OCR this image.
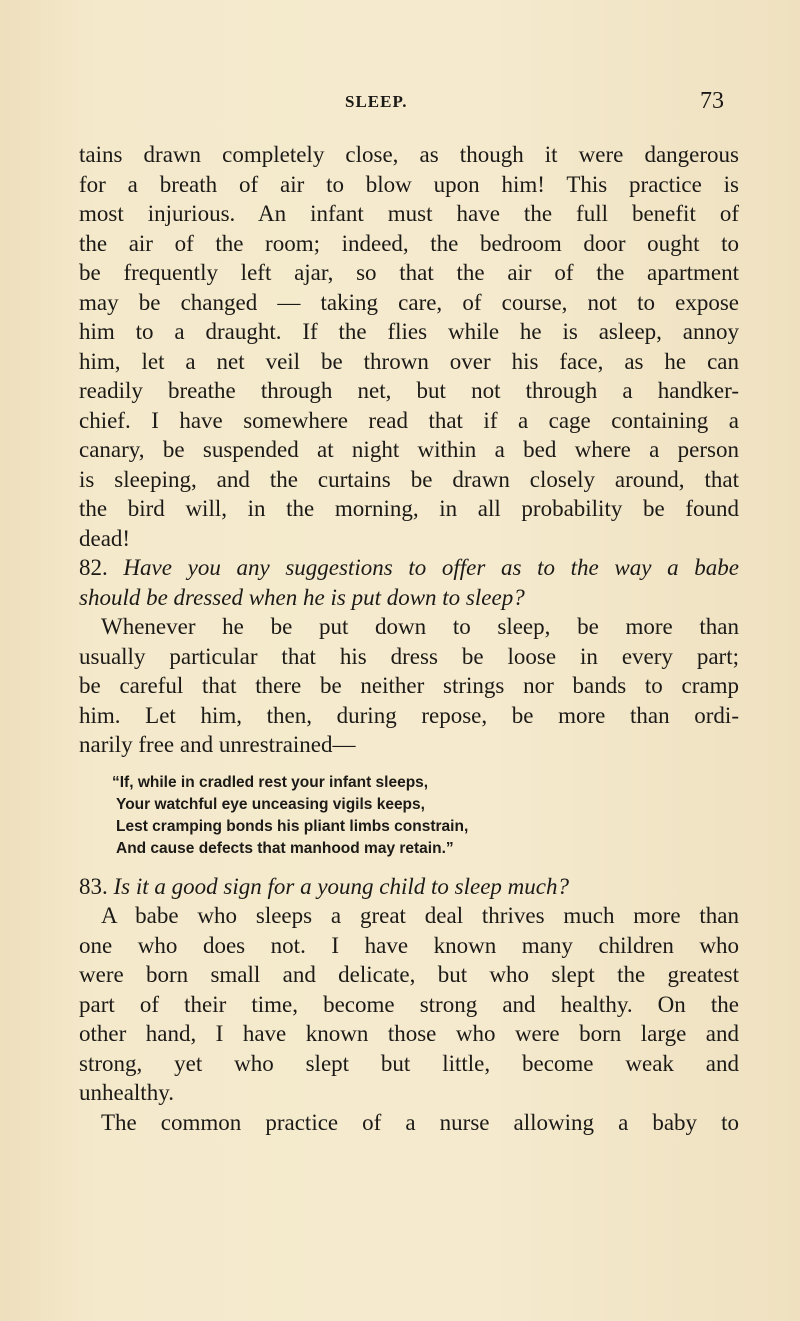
SLEEP.	73
tains drawn completely close, as though it were dangerous
for a breath of air to blow upon him! This practice is
most injurious. An infant must have the full benefit of
the air of the room; indeed, the bedroom door ought to
be frequently left ajar, so that the air of the apartment
may be changed — taking care, of course, not to expose
him to a draught. If the flies while he is asleep, annoy
him, let a net veil be thrown over his face, as he can
readily breathe through net, but not through a handker-
chief. I have somewhere read that if a cage containing a
canary, be suspended at night within a bed where a person
is sleeping, and the curtains be drawn closely around, that
the bird will, in the morning, in all probability be found
dead!
82. Have you any suggestions to offer as to the way a babe
should be dressed when he is put down to sleep?
Whenever he be put down to sleep, be more than
usually particular that his dress be loose in every part;
be careful that there be neither strings nor bands to cramp
him. Let him, then, during repose, be more than ordi-
narily free and unrestrained—
“If, while in cradled rest your infant sleeps,
Your watchful eye unceasing vigils keeps,
Lest cramping bonds his pliant limbs constrain,
And cause defects that manhood may retain.”
83. Is it a good sign for a young child to sleep much?
A babe who sleeps a great deal thrives much more than
one who does not. I have known many children who
were born small and delicate, but who slept the greatest
part of their time, become strong and healthy. On the
other hand, I have known those who were born large and
strong, yet who slept but little, become weak and
unhealthy.
The common practice of a nurse allowing a baby to
